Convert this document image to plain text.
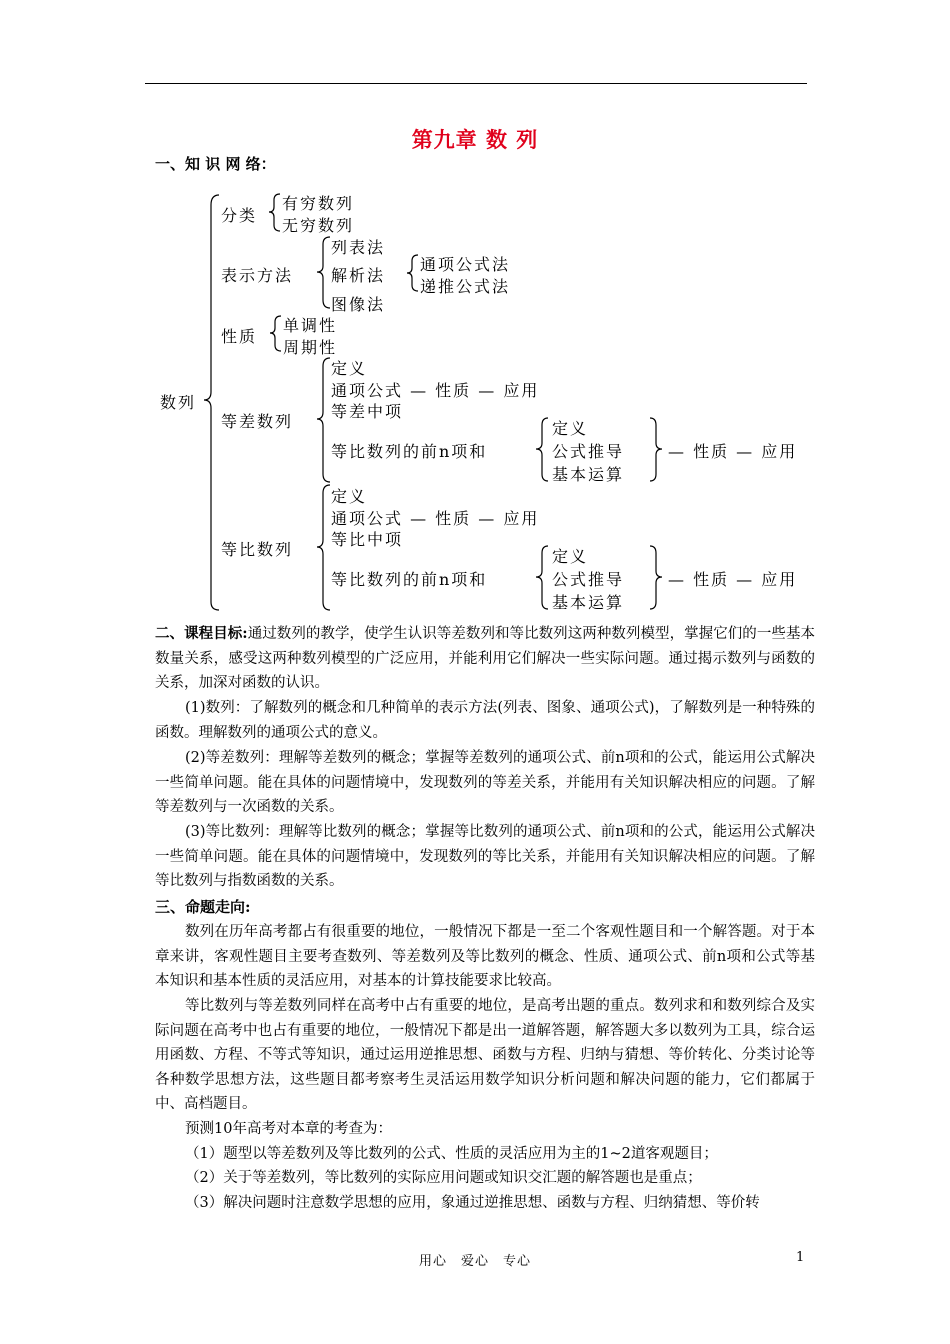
第九章 数 列
一、知 识 网 络：
数列
分类
有穷数列
无穷数列
表示方法
列表法
解析法
图像法
通项公式法
递推公式法
性质
单调性
周期性
等差数列
定义
通项公式 — 性质 — 应用
等差中项
等比数列的前n项和
定义
公式推导
基本运算
— 性质 — 应用
等比数列
定义
通项公式 — 性质 — 应用
等比中项
等比数列的前n项和
定义
公式推导
基本运算
— 性质 — 应用
二、课程目标:通过数列的教学，使学生认识等差数列和等比数列这两种数列模型，掌握它们的一些基本数量关系，感受这两种数列模型的广泛应用，并能利用它们解决一些实际问题。通过揭示数列与函数的关系，加深对函数的认识。
(1)数列：了解数列的概念和几种简单的表示方法(列表、图象、通项公式)，了解数列是一种特殊的函数。理解数列的通项公式的意义。
(2)等差数列：理解等差数列的概念；掌握等差数列的通项公式、前n项和的公式，能运用公式解决一些简单问题。能在具体的问题情境中，发现数列的等差关系，并能用有关知识解决相应的问题。了解等差数列与一次函数的关系。
(3)等比数列：理解等比数列的概念；掌握等比数列的通项公式、前n项和的公式，能运用公式解决一些简单问题。能在具体的问题情境中，发现数列的等比关系，并能用有关知识解决相应的问题。了解等比数列与指数函数的关系。
三、命题走向:
数列在历年高考都占有很重要的地位，一般情况下都是一至二个客观性题目和一个解答题。对于本章来讲，客观性题目主要考查数列、等差数列及等比数列的概念、性质、通项公式、前n项和公式等基本知识和基本性质的灵活应用，对基本的计算技能要求比较高。
等比数列与等差数列同样在高考中占有重要的地位，是高考出题的重点。数列求和和数列综合及实际问题在高考中也占有重要的地位，一般情况下都是出一道解答题，解答题大多以数列为工具，综合运用函数、方程、不等式等知识，通过运用逆推思想、函数与方程、归纳与猜想、等价转化、分类讨论等各种数学思想方法，这些题目都考察考生灵活运用数学知识分析问题和解决问题的能力，它们都属于中、高档题目。
预测10年高考对本章的考查为：
（1）题型以等差数列及等比数列的公式、性质的灵活应用为主的1~2道客观题目；
（2）关于等差数列，等比数列的实际应用问题或知识交汇题的解答题也是重点；
（3）解决问题时注意数学思想的应用，象通过逆推思想、函数与方程、归纳猜想、等价转
用心　爱心　专心	1
